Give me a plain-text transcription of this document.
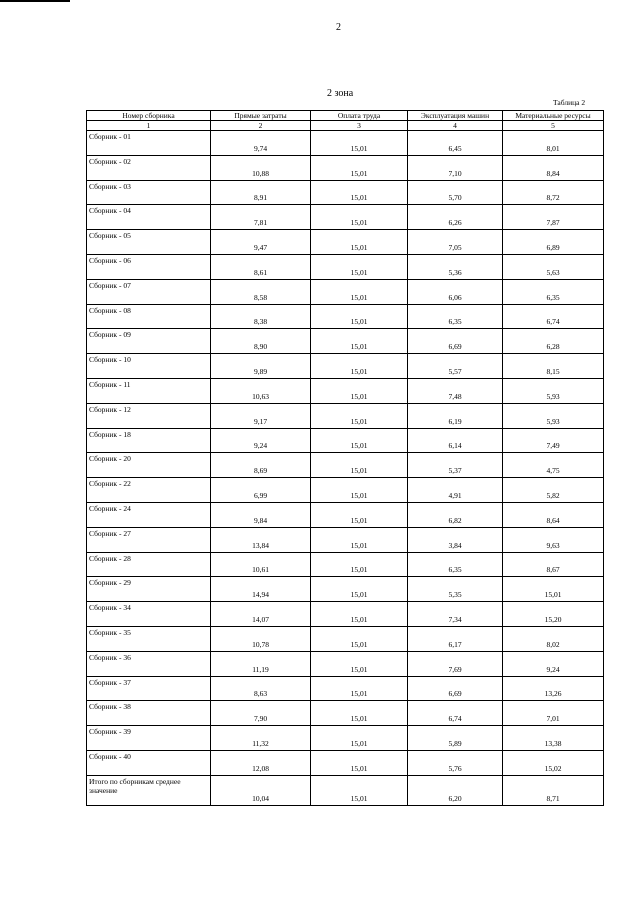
2
2 зона
Таблица 2
Номер сборника	Прямые затраты	Оплата труда	Эксплуатация машин	Материальные ресурсы
1	2	3	4	5
Сборник - 01	9,74	15,01	6,45	8,01
Сборник - 02	10,88	15,01	7,10	8,84
Сборник - 03	8,91	15,01	5,70	8,72
Сборник - 04	7,81	15,01	6,26	7,87
Сборник - 05	9,47	15,01	7,05	6,89
Сборник - 06	8,61	15,01	5,36	5,63
Сборник - 07	8,58	15,01	6,06	6,35
Сборник - 08	8,38	15,01	6,35	6,74
Сборник - 09	8,90	15,01	6,69	6,28
Сборник - 10	9,89	15,01	5,57	8,15
Сборник - 11	10,63	15,01	7,48	5,93
Сборник - 12	9,17	15,01	6,19	5,93
Сборник - 18	9,24	15,01	6,14	7,49
Сборник - 20	8,69	15,01	5,37	4,75
Сборник - 22	6,99	15,01	4,91	5,82
Сборник - 24	9,84	15,01	6,82	8,64
Сборник - 27	13,84	15,01	3,84	9,63
Сборник - 28	10,61	15,01	6,35	8,67
Сборник - 29	14,94	15,01	5,35	15,01
Сборник - 34	14,07	15,01	7,34	15,20
Сборник - 35	10,78	15,01	6,17	8,02
Сборник - 36	11,19	15,01	7,69	9,24
Сборник - 37	8,63	15,01	6,69	13,26
Сборник - 38	7,90	15,01	6,74	7,01
Сборник - 39	11,32	15,01	5,89	13,38
Сборник - 40	12,08	15,01	5,76	15,02
Итого по сборникам среднее значение	10,04	15,01	6,20	8,71
